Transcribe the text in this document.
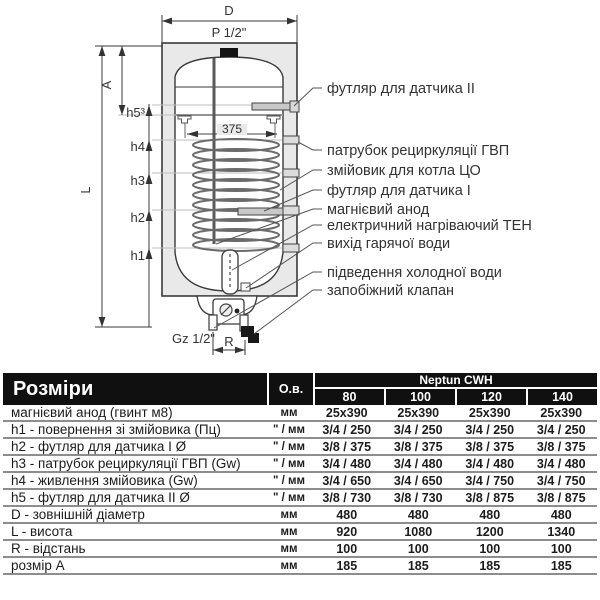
375
D
P 1/2"
L
A
h5³
h4
h3
h2
h1
Gz 1/2" R
футляр для датчика II
патрубок рециркуляції ГВП
змійовик для котла ЦО
футляр для датчика I
магнієвий анод
електричний нагріваючий ТЕН
вихід гарячої води
підведення холодної води
запобіжний клапан
Розміри	О.в.
Neptun CWH
80	100	120	140
магнієвий анод (гвинт м8)	мм	25x390	25x390	25x390	25x390
h1 - повернення зі змійовика (Пц)	" / мм	3/4 / 250	3/4 / 250	3/4 / 250	3/4 / 250
h2 - футляр для датчика I Ø	" / мм	3/8 / 375	3/8 / 375	3/8 / 375	3/8 / 375
h3 - патрубок рециркуляції ГВП (Gw)	" / мм	3/4 / 480	3/4 / 480	3/4 / 480	3/4 / 480
h4 - живлення змійовика (Gw)	" / мм	3/4 / 650	3/4 / 650	3/4 / 750	3/4 / 750
h5 - футляр для датчика II Ø	" / мм	3/8 / 730	3/8 / 730	3/8 / 875	3/8 / 875
D - зовнішній діаметр	мм	480	480	480	480
L - висота	мм	920	1080	1200	1340
R - відстань	мм	100	100	100	100
розмір A	мм	185	185	185	185
